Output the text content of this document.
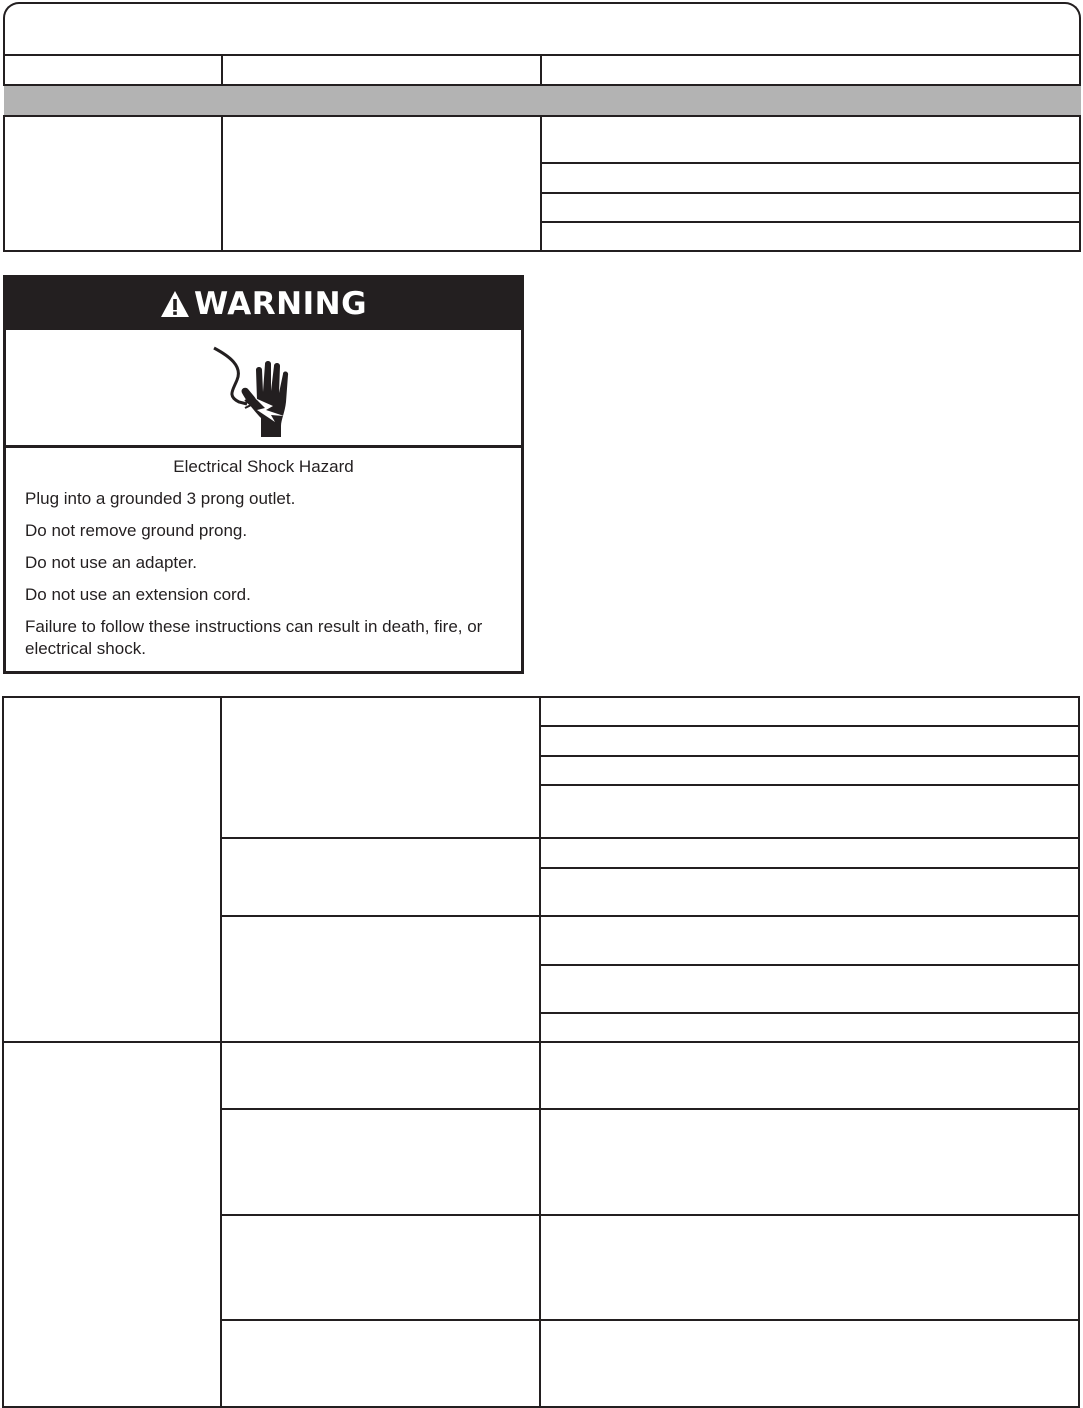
WARNING
Electrical Shock Hazard
Plug into a grounded 3 prong outlet.
Do not remove ground prong.
Do not use an adapter.
Do not use an extension cord.
Failure to follow these instructions can result in death, fire, or electrical shock.
